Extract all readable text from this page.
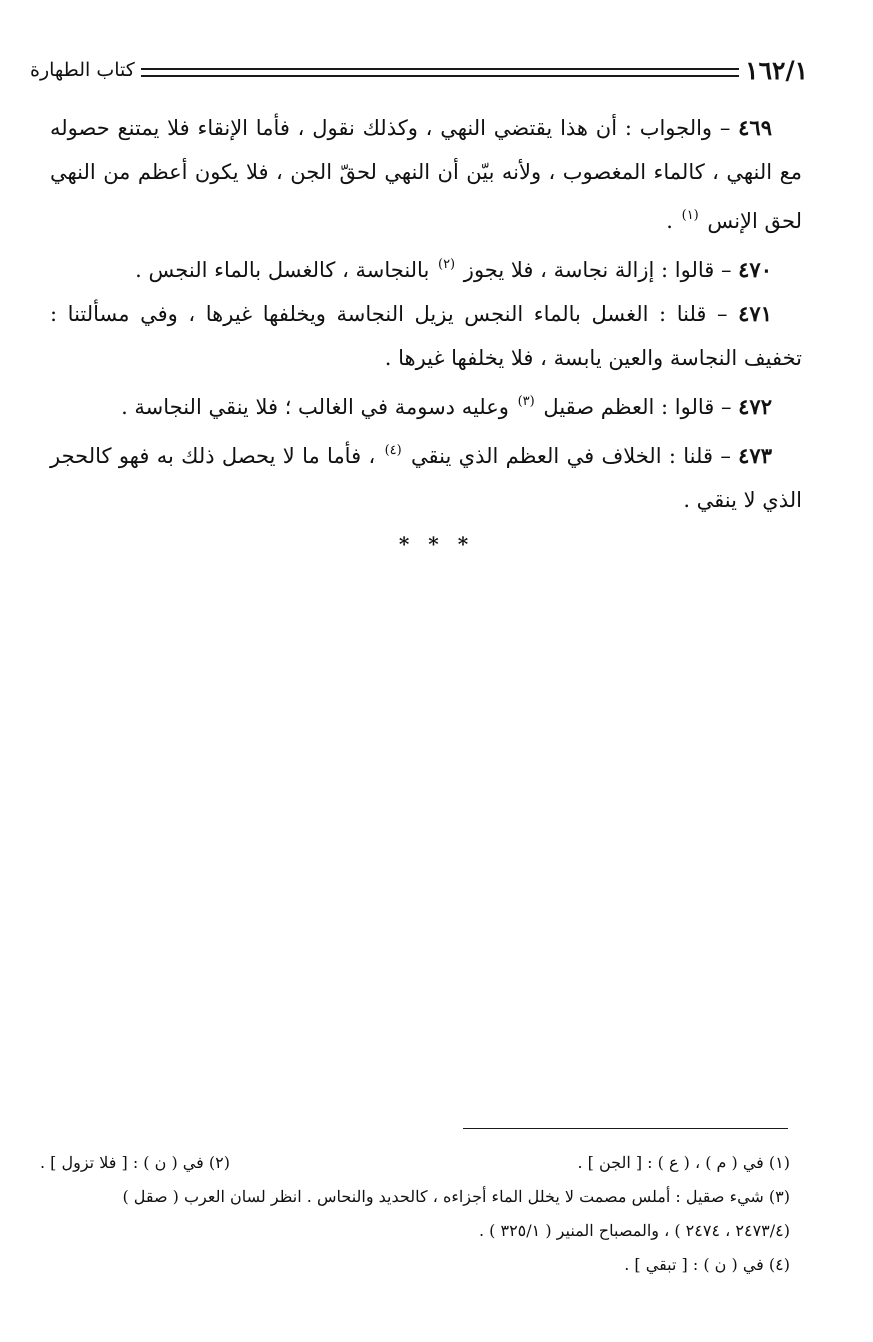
١٦٢/١
كتاب الطهارة

٤٦٩ – والجواب : أن هذا يقتضي النهي ، وكذلك نقول ، فأما الإنقاء فلا يمتنع حصوله مع النهي ، كالماء المغصوب ، ولأنه بيّن أن النهي لحقّ الجن ، فلا يكون أعظم من النهي لحق الإنس $^{(١)}$ .

٤٧٠ – قالوا : إزالة نجاسة ، فلا يجوز $^{(٢)}$ بالنجاسة ، كالغسل بالماء النجس .

٤٧١ – قلنا : الغسل بالماء النجس يزيل النجاسة ويخلفها غيرها ، وفي مسألتنا : تخفيف النجاسة والعين يابسة ، فلا يخلفها غيرها .

٤٧٢ – قالوا : العظم صقيل $^{(٣)}$ وعليه دسومة في الغالب ؛ فلا ينقي النجاسة .

٤٧٣ – قلنا : الخلاف في العظم الذي ينقي $^{(٤)}$ ، فأما ما لا يحصل ذلك به فهو كالحجر الذي لا ينقي .

* * *
(١) في ( م ) ، ( ع ) : [ الجن ] .
(٢) في ( ن ) : [ فلا تزول ] .
(٣) شيء صقيل : أملس مصمت لا يخلل الماء أجزاءه ، كالحديد والنحاس . انظر لسان العرب ( صقل )
(٢٤٧٣/٤ ، ٢٤٧٤ ) ، والمصباح المنير ( ٣٢٥/١ ) .
(٤) في ( ن ) : [ تبقي ] .
